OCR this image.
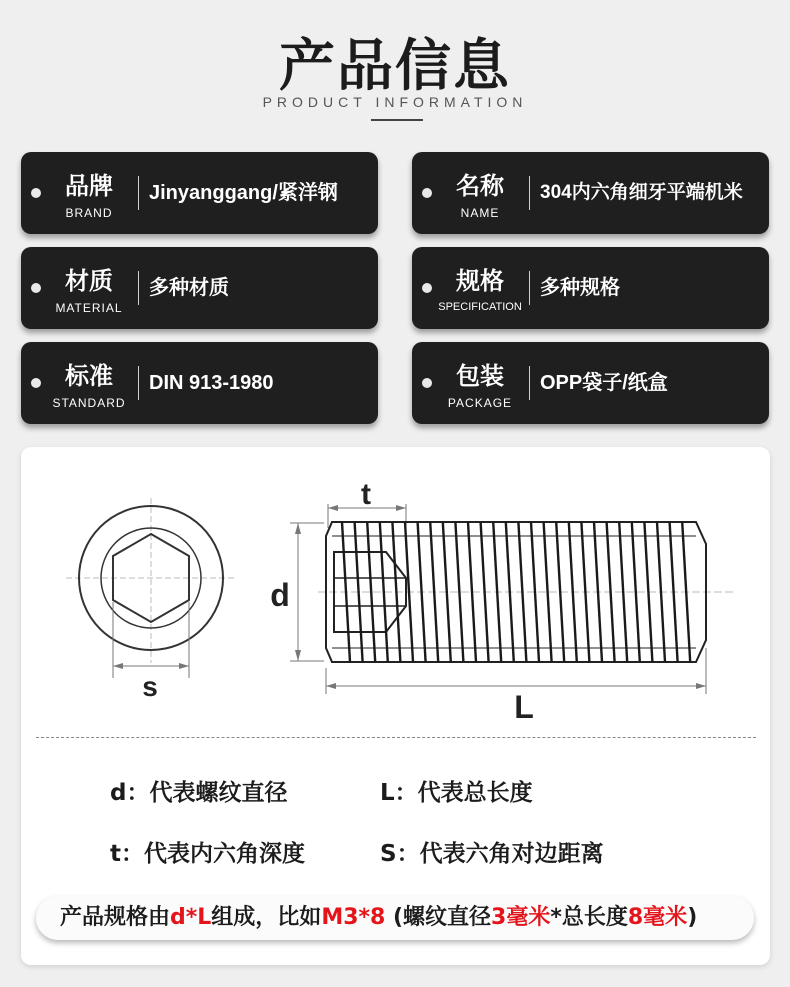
产品信息
PRODUCT INFORMATION
品牌
BRAND
Jinyanggang/紧洋钢	名称
NAME
304内六角细牙平端机米
材质
MATERIAL
多种材质	规格
SPECIFICATION
多种规格
标准
STANDARD
DIN 913-1980	包装
PACKAGE
OPP袋子/纸盒
s
t
d
L
d：代表螺纹直径	L：代表总长度
t：代表内六角深度	S：代表六角对边距离
产品规格由d*L组成，比如M3*8 (螺纹直径3毫米*总长度8毫米)
